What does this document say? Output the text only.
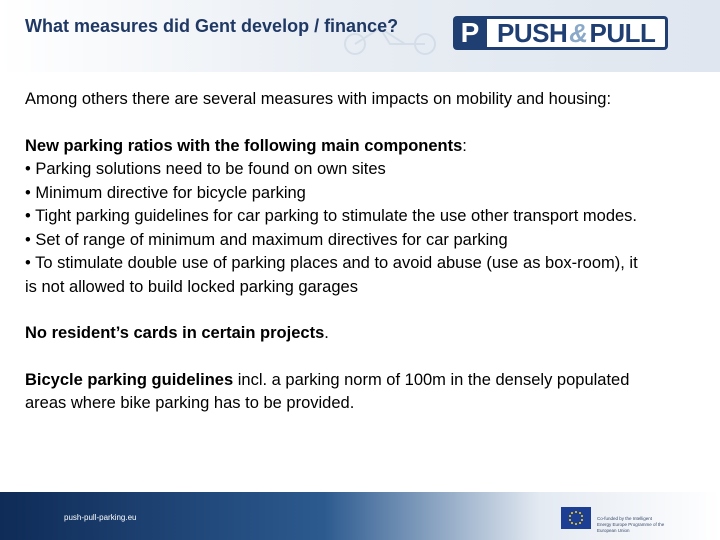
What measures did Gent develop / finance? P PUSH & PULL

Among others there are several measures with impacts on mobility and housing:

New parking ratios with the following main components:

• Parking solutions need to be found on own sites

• Minimum directive for bicycle parking

• Tight parking guidelines for car parking to stimulate the use other transport modes.

• Set of range of minimum and maximum directives for car parking

• To stimulate double use of parking places and to avoid abuse (use as box-room), it is not allowed to build locked parking garages

No resident’s cards in certain projects.

Bicycle parking guidelines incl. a parking norm of 100m in the densely populated areas where bike parking has to be provided.

push-pull-parking.eu	Co-funded by the Intelligent Energy Europe Programme of the European Union
